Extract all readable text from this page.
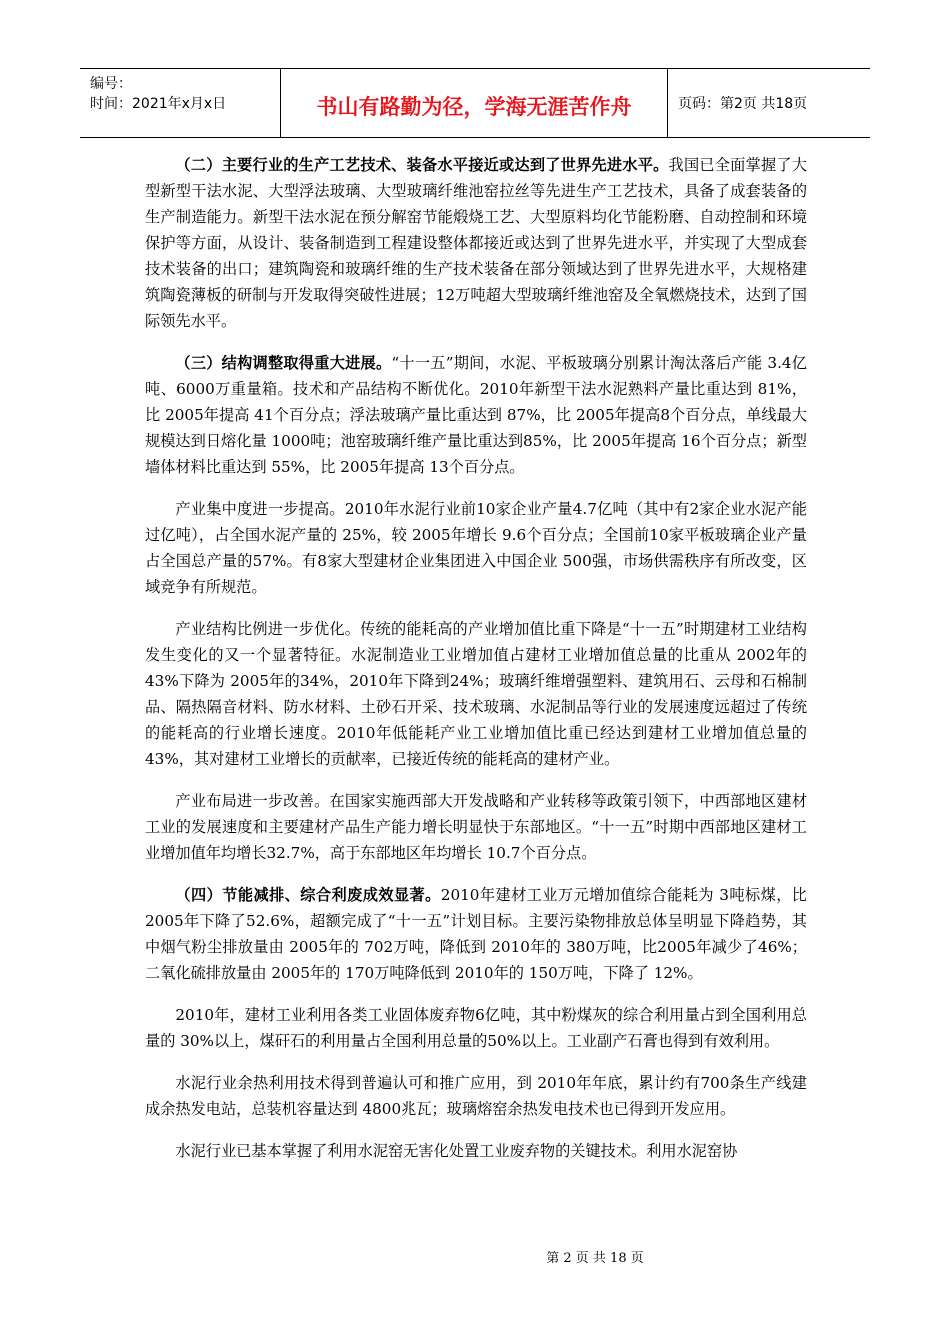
编号：
时间：2021年x月x日	书山有路勤为径，学海无涯苦作舟	页码：第2页 共18页

（二）主要行业的生产工艺技术、装备水平接近或达到了世界先进水平。我国已全面掌握了大型新型干法水泥、大型浮法玻璃、大型玻璃纤维池窑拉丝等先进生产工艺技术，具备了成套装备的生产制造能力。新型干法水泥在预分解窑节能煅烧工艺、大型原料均化节能粉磨、自动控制和环境保护等方面，从设计、装备制造到工程建设整体都接近或达到了世界先进水平，并实现了大型成套技术装备的出口；建筑陶瓷和玻璃纤维的生产技术装备在部分领域达到了世界先进水平，大规格建筑陶瓷薄板的研制与开发取得突破性进展；12万吨超大型玻璃纤维池窑及全氧燃烧技术，达到了国际领先水平。

（三）结构调整取得重大进展。“十一五”期间，水泥、平板玻璃分别累计淘汰落后产能 3.4亿吨、6000万重量箱。技术和产品结构不断优化。2010年新型干法水泥熟料产量比重达到 81%，比 2005年提高 41个百分点；浮法玻璃产量比重达到 87%，比 2005年提高8个百分点，单线最大规模达到日熔化量 1000吨；池窑玻璃纤维产量比重达到85%，比 2005年提高 16个百分点；新型墙体材料比重达到 55%，比 2005年提高 13个百分点。

产业集中度进一步提高。2010年水泥行业前10家企业产量4.7亿吨（其中有2家企业水泥产能过亿吨），占全国水泥产量的 25%，较 2005年增长 9.6个百分点；全国前10家平板玻璃企业产量占全国总产量的57%。有8家大型建材企业集团进入中国企业 500强，市场供需秩序有所改变，区域竞争有所规范。

产业结构比例进一步优化。传统的能耗高的产业增加值比重下降是“十一五”时期建材工业结构发生变化的又一个显著特征。水泥制造业工业增加值占建材工业增加值总量的比重从 2002年的43%下降为 2005年的34%，2010年下降到24%；玻璃纤维增强塑料、建筑用石、云母和石棉制品、隔热隔音材料、防水材料、土砂石开采、技术玻璃、水泥制品等行业的发展速度远超过了传统的能耗高的行业增长速度。2010年低能耗产业工业增加值比重已经达到建材工业增加值总量的43%，其对建材工业增长的贡献率，已接近传统的能耗高的建材产业。

产业布局进一步改善。在国家实施西部大开发战略和产业转移等政策引领下，中西部地区建材工业的发展速度和主要建材产品生产能力增长明显快于东部地区。“十一五”时期中西部地区建材工业增加值年均增长32.7%，高于东部地区年均增长 10.7个百分点。

（四）节能减排、综合利废成效显著。2010年建材工业万元增加值综合能耗为 3吨标煤，比2005年下降了52.6%，超额完成了“十一五”计划目标。主要污染物排放总体呈明显下降趋势，其中烟气粉尘排放量由 2005年的 702万吨，降低到 2010年的 380万吨，比2005年减少了46%；二氧化硫排放量由 2005年的 170万吨降低到 2010年的 150万吨，下降了 12%。

2010年，建材工业利用各类工业固体废弃物6亿吨，其中粉煤灰的综合利用量占到全国利用总量的 30%以上，煤矸石的利用量占全国利用总量的50%以上。工业副产石膏也得到有效利用。

水泥行业余热利用技术得到普遍认可和推广应用，到 2010年年底，累计约有700条生产线建成余热发电站，总装机容量达到 4800兆瓦；玻璃熔窑余热发电技术也已得到开发应用。

水泥行业已基本掌握了利用水泥窑无害化处置工业废弃物的关键技术。利用水泥窑协

第 2 页 共 18 页
